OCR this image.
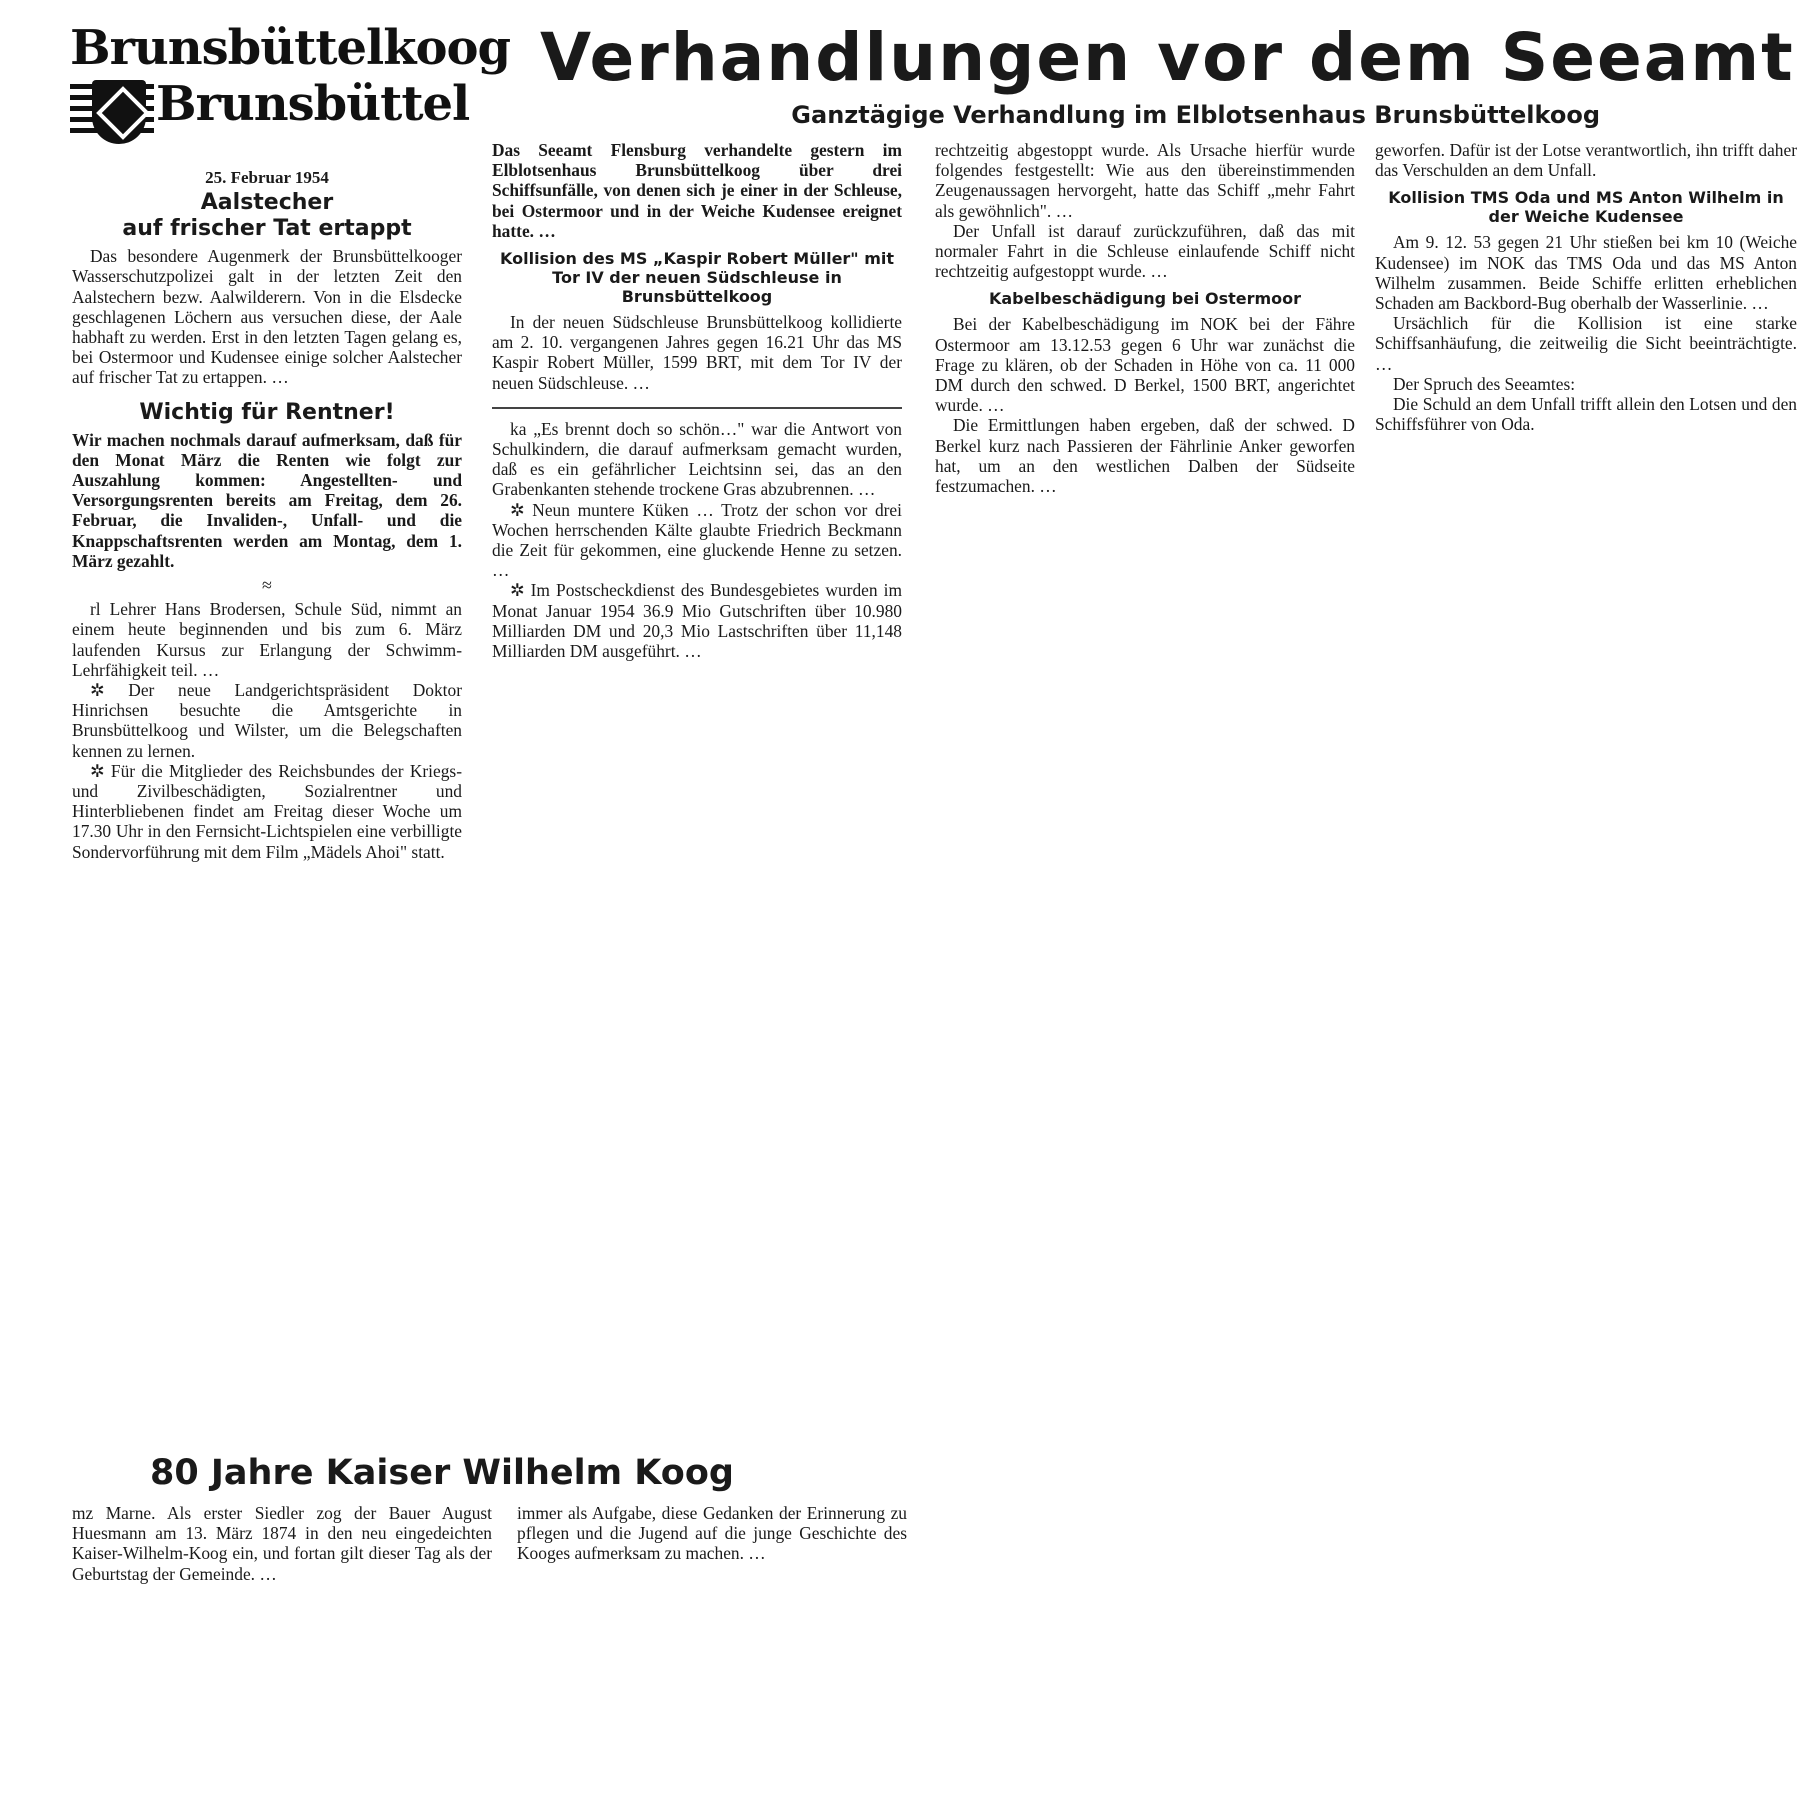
Brunsbüttelkoog
Brunsbüttel
Verhandlungen vor dem Seeamt
Ganztägige Verhandlung im Elblotsenhaus Brunsbüttelkoog

25. Februar 1954

Aalstecher
auf frischer Tat ertappt

Das besondere Augenmerk der Brunsbüttelkooger Wasserschutzpolizei galt in der letzten Zeit den Aalstechern bezw. Aalwilderern. Von in die Elsdecke geschlagenen Löchern aus versuchen diese, der Aale habhaft zu werden. Erst in den letzten Tagen gelang es, bei Ostermoor und Kudensee einige solcher Aalstecher auf frischer Tat zu ertappen. …

Wichtig für Rentner!

Wir machen nochmals darauf aufmerksam, daß für den Monat März die Renten wie folgt zur Auszahlung kommen: Angestellten- und Versorgungsrenten bereits am Freitag, dem 26. Februar, die Invaliden-, Unfall- und die Knappschaftsrenten werden am Montag, dem 1. März gezahlt.

≈

rl Lehrer Hans Brodersen, Schule Süd, nimmt an einem heute beginnenden und bis zum 6. März laufenden Kursus zur Erlangung der Schwimm-Lehrfähigkeit teil. …

✲ Der neue Landgerichtspräsident Doktor Hinrichsen besuchte die Amtsgerichte in Brunsbüttelkoog und Wilster, um die Belegschaften kennen zu lernen.

✲ Für die Mitglieder des Reichsbundes der Kriegs- und Zivilbeschädigten, Sozialrentner und Hinterbliebenen findet am Freitag dieser Woche um 17.30 Uhr in den Fernsicht-Lichtspielen eine verbilligte Sondervorführung mit dem Film „Mädels Ahoi" statt.

Das Seeamt Flensburg verhandelte gestern im Elblotsenhaus Brunsbüttelkoog über drei Schiffsunfälle, von denen sich je einer in der Schleuse, bei Ostermoor und in der Weiche Kudensee ereignet hatte. …

Kollision des MS „Kaspir Robert Müller" mit Tor IV der neuen Südschleuse in Brunsbüttelkoog

In der neuen Südschleuse Brunsbüttelkoog kollidierte am 2. 10. vergangenen Jahres gegen 16.21 Uhr das MS Kaspir Robert Müller, 1599 BRT, mit dem Tor IV der neuen Südschleuse. …

ka „Es brennt doch so schön…" war die Antwort von Schulkindern, die darauf aufmerksam gemacht wurden, daß es ein gefährlicher Leichtsinn sei, das an den Grabenkanten stehende trockene Gras abzubrennen. …

✲ Neun muntere Küken … Trotz der schon vor drei Wochen herrschenden Kälte glaubte Friedrich Beckmann die Zeit für gekommen, eine gluckende Henne zu setzen. …

✲ Im Postscheckdienst des Bundesgebietes wurden im Monat Januar 1954 36.9 Mio Gutschriften über 10.980 Milliarden DM und 20,3 Mio Lastschriften über 11,148 Milliarden DM ausgeführt. …

rechtzeitig abgestoppt wurde. Als Ursache hierfür wurde folgendes festgestellt: Wie aus den übereinstimmenden Zeugenaussagen hervorgeht, hatte das Schiff „mehr Fahrt als gewöhnlich". …

Der Unfall ist darauf zurückzuführen, daß das mit normaler Fahrt in die Schleuse einlaufende Schiff nicht rechtzeitig aufgestoppt wurde. …

Kabelbeschädigung bei Ostermoor

Bei der Kabelbeschädigung im NOK bei der Fähre Ostermoor am 13.12.53 gegen 6 Uhr war zunächst die Frage zu klären, ob der Schaden in Höhe von ca. 11 000 DM durch den schwed. D Berkel, 1500 BRT, angerichtet wurde. …

Die Ermittlungen haben ergeben, daß der schwed. D Berkel kurz nach Passieren der Fährlinie Anker geworfen hat, um an den westlichen Dalben der Südseite festzumachen. …

geworfen. Dafür ist der Lotse verantwortlich, ihn trifft daher das Verschulden an dem Unfall.

Kollision TMS Oda und MS Anton Wilhelm in der Weiche Kudensee

Am 9. 12. 53 gegen 21 Uhr stießen bei km 10 (Weiche Kudensee) im NOK das TMS Oda und das MS Anton Wilhelm zusammen. Beide Schiffe erlitten erheblichen Schaden am Backbord-Bug oberhalb der Wasserlinie. …

Ursächlich für die Kollision ist eine starke Schiffsanhäufung, die zeitweilig die Sicht beeinträchtigte. …

Der Spruch des Seeamtes:

Die Schuld an dem Unfall trifft allein den Lotsen und den Schiffsführer von Oda.

80 Jahre Kaiser Wilhelm Koog

mz Marne. Als erster Siedler zog der Bauer August Huesmann am 13. März 1874 in den neu eingedeichten Kaiser-Wilhelm-Koog ein, und fortan gilt dieser Tag als der Geburtstag der Gemeinde. …

immer als Aufgabe, diese Gedanken der Erinnerung zu pflegen und die Jugend auf die junge Geschichte des Kooges aufmerksam zu machen. …
